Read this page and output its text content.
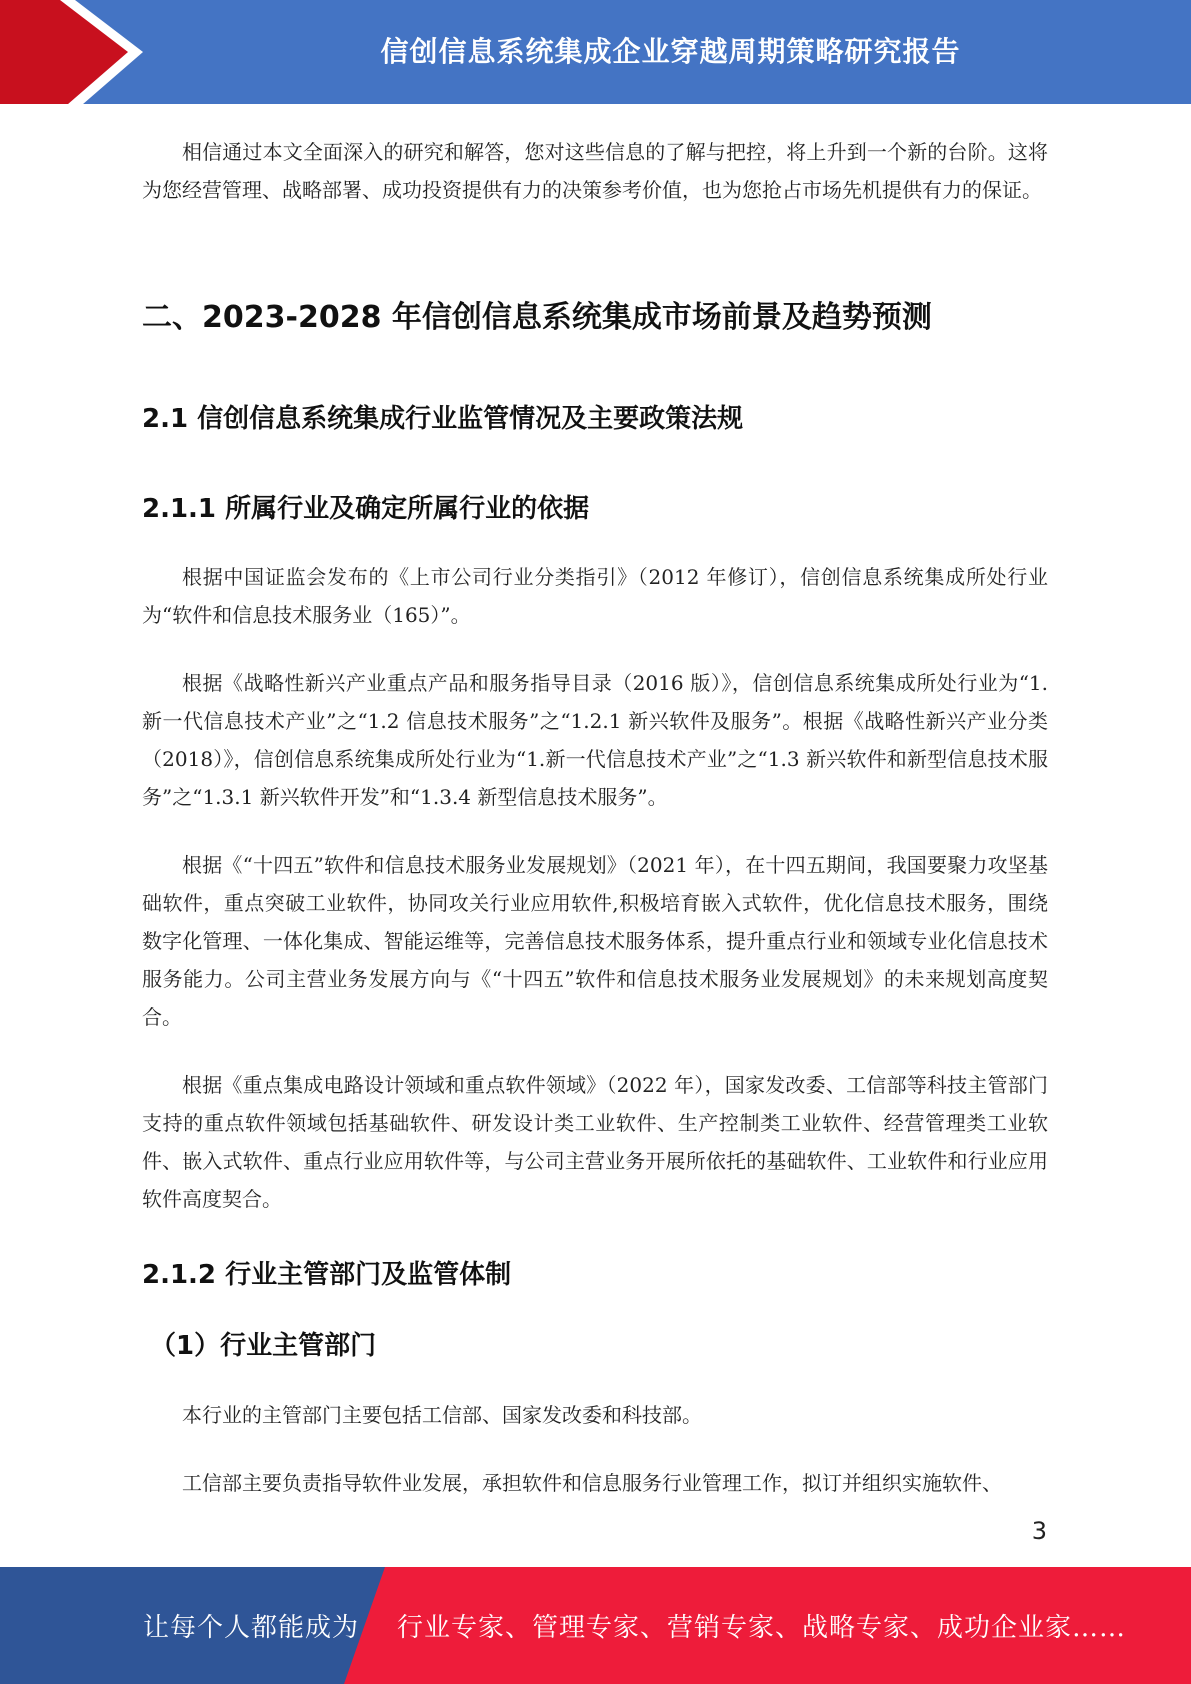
信创信息系统集成企业穿越周期策略研究报告

相信通过本文全面深入的研究和解答，您对这些信息的了解与把控，将上升到一个新的台阶。这将为您经营管理、战略部署、成功投资提供有力的决策参考价值，也为您抢占市场先机提供有力的保证。

二、2023-2028 年信创信息系统集成市场前景及趋势预测
2.1 信创信息系统集成行业监管情况及主要政策法规
2.1.1 所属行业及确定所属行业的依据

根据中国证监会发布的《上市公司行业分类指引》（2012 年修订），信创信息系统集成所处行业为“软件和信息技术服务业（165）”。

根据《战略性新兴产业重点产品和服务指导目录（2016 版）》，信创信息系统集成所处行业为“1.新一代信息技术产业”之“1.2 信息技术服务”之“1.2.1 新兴软件及服务”。根据《战略性新兴产业分类（2018）》，信创信息系统集成所处行业为“1.新一代信息技术产业”之“1.3 新兴软件和新型信息技术服务”之“1.3.1 新兴软件开发”和“1.3.4 新型信息技术服务”。

根据《“十四五”软件和信息技术服务业发展规划》（2021 年），在十四五期间，我国要聚力攻坚基础软件，重点突破工业软件，协同攻关行业应用软件,积极培育嵌入式软件，优化信息技术服务，围绕数字化管理、一体化集成、智能运维等，完善信息技术服务体系，提升重点行业和领域专业化信息技术服务能力。公司主营业务发展方向与《“十四五”软件和信息技术服务业发展规划》的未来规划高度契合。

根据《重点集成电路设计领域和重点软件领域》（2022 年），国家发改委、工信部等科技主管部门支持的重点软件领域包括基础软件、研发设计类工业软件、生产控制类工业软件、经营管理类工业软件、嵌入式软件、重点行业应用软件等，与公司主营业务开展所依托的基础软件、工业软件和行业应用软件高度契合。

2.1.2 行业主管部门及监管体制
（1）行业主管部门

本行业的主管部门主要包括工信部、国家发改委和科技部。

工信部主要负责指导软件业发展，承担软件和信息服务行业管理工作，拟订并组织实施软件、

3
让每个人都能成为 行业专家、管理专家、营销专家、战略专家、成功企业家……
